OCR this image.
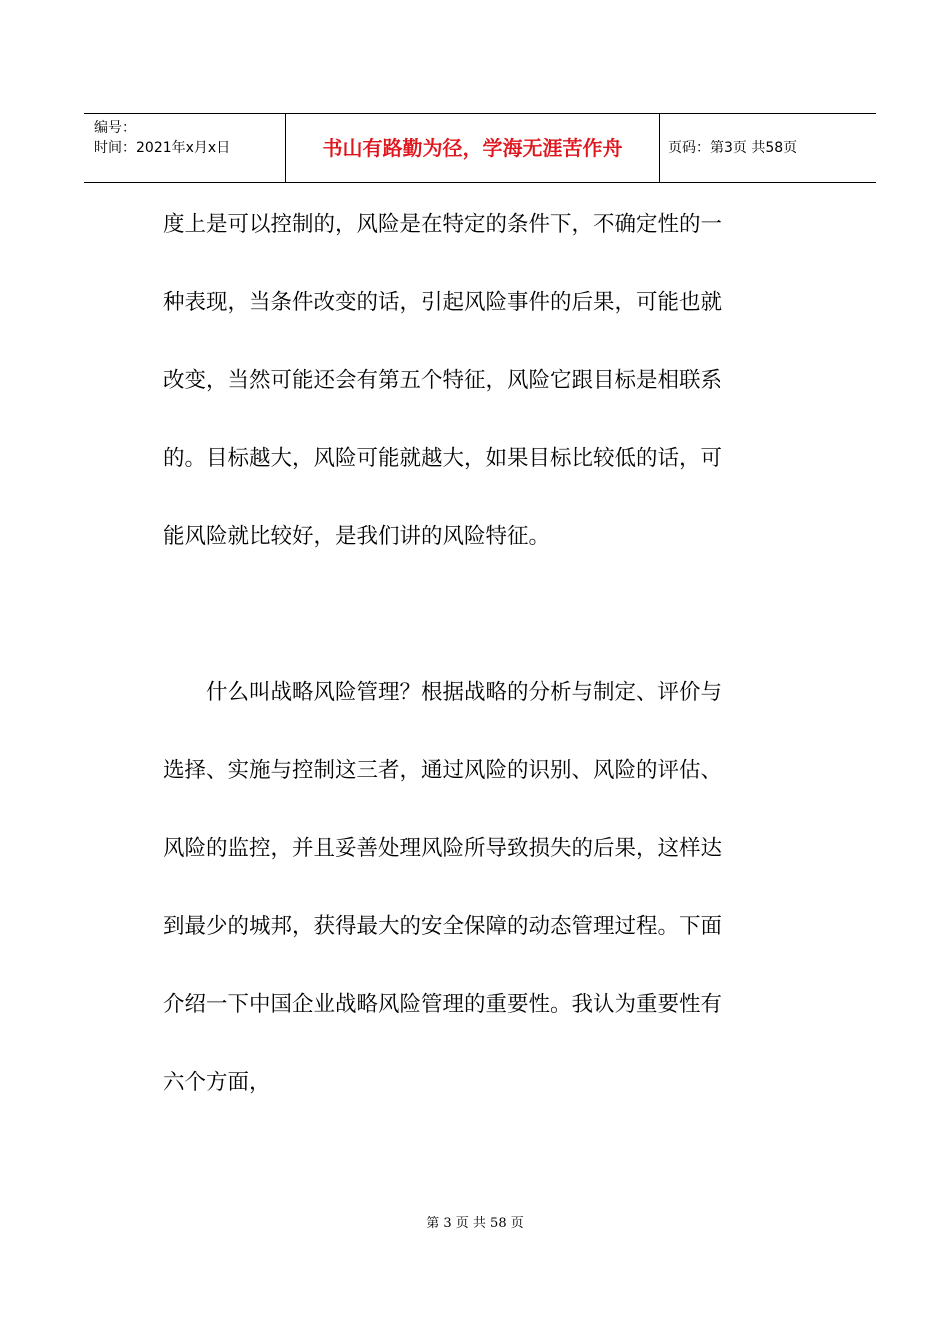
编号：
时间：2021年x月x日	书山有路勤为径，学海无涯苦作舟	页码：第3页 共58页

度上是可以控制的，风险是在特定的条件下，不确定性的一
种表现，当条件改变的话，引起风险事件的后果，可能也就
改变，当然可能还会有第五个特征，风险它跟目标是相联系
的。目标越大，风险可能就越大，如果目标比较低的话，可
能风险就比较好，是我们讲的风险特征。

　　什么叫战略风险管理？根据战略的分析与制定、评价与
选择、实施与控制这三者，通过风险的识别、风险的评估、
风险的监控，并且妥善处理风险所导致损失的后果，这样达
到最少的城邦，获得最大的安全保障的动态管理过程。下面
介绍一下中国企业战略风险管理的重要性。我认为重要性有
六个方面，

第 3 页 共 58 页
